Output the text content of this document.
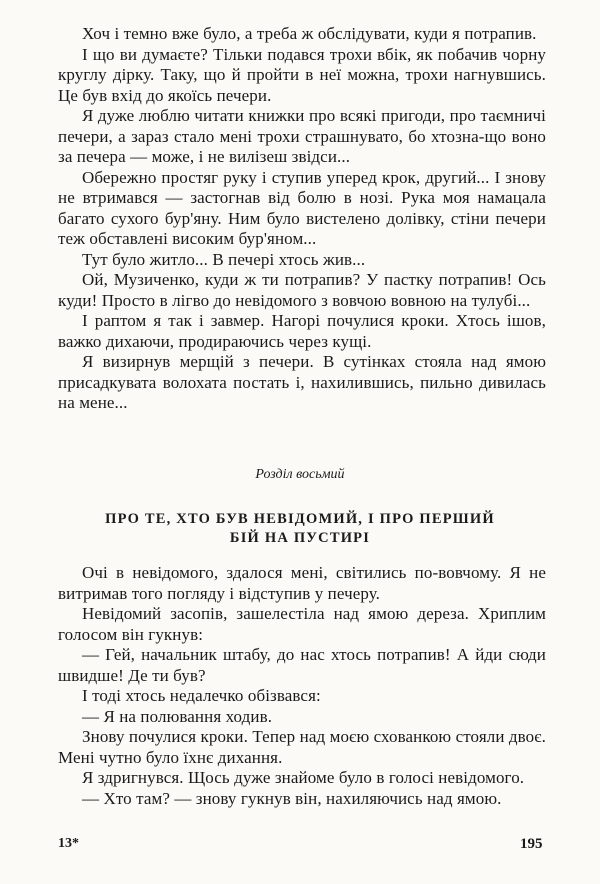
Хоч і темно вже було, а треба ж обслідувати, куди я потрапив.

І що ви думаєте? Тільки подався трохи вбік, як побачив чорну круглу дірку. Таку, що й пройти в неї можна, трохи нагнувшись. Це був вхід до якоїсь печери.

Я дуже люблю читати книжки про всякі пригоди, про таємничі печери, а зараз стало мені трохи страшнувато, бо хтозна-що воно за печера — може, і не вилізеш звідси...

Обережно простяг руку і ступив уперед крок, другий... І знову не втримався — застогнав від болю в нозі. Рука моя намацала багато сухого бур'яну. Ним було вистелено долівку, стіни печери теж обставлені високим бур'яном...

Тут було житло... В печері хтось жив...

Ой, Музиченко, куди ж ти потрапив? У пастку потрапив! Ось куди! Просто в лігво до невідомого з вовчою вовною на тулубі...

І раптом я так і завмер. Нагорі почулися кроки. Хтось ішов, важко дихаючи, продираючись через кущі.

Я визирнув мерщій з печери. В сутінках стояла над ямою присадкувата волохата постать і, нахилившись, пильно дивилась на мене...

Розділ восьмий
ПРО ТЕ, ХТО БУВ НЕВІДОМИЙ, І ПРО ПЕРШИЙ
БІЙ НА ПУСТИРІ

Очі в невідомого, здалося мені, світились по-вовчому. Я не витримав того погляду і відступив у печеру.

Невідомий засопів, зашелестіла над ямою дереза. Хриплим голосом він гукнув:

— Гей, начальник штабу, до нас хтось потрапив! А йди сюди швидше! Де ти був?

І тоді хтось недалечко обізвався:

— Я на полювання ходив.

Знову почулися кроки. Тепер над моєю схованкою стояли двоє. Мені чутно було їхнє дихання.

Я здригнувся. Щось дуже знайоме було в голосі невідомого.

— Хто там? — знову гукнув він, нахиляючись над ямою.

13*	195
